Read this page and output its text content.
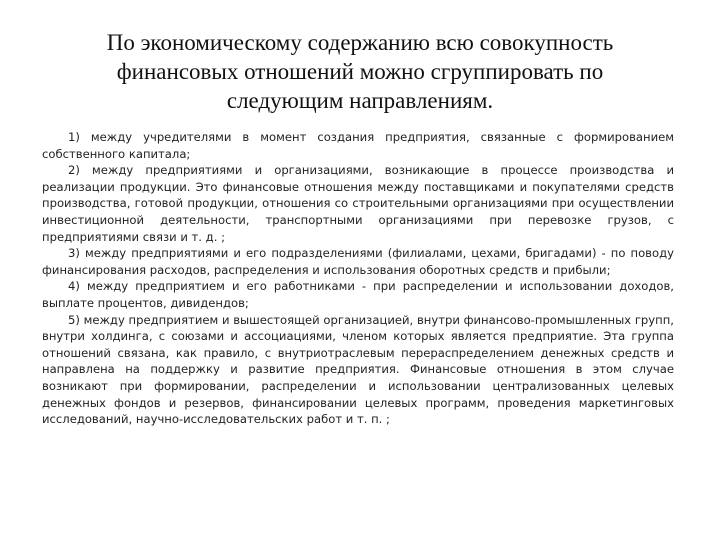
По экономическому содержанию всю совокупность финансовых отношений можно сгруппировать по следующим направлениям.

1) между учредителями в момент создания предприятия, связанные с формированием собственного капитала;

2) между предприятиями и организациями, возникающие в процессе производства и реализации продукции. Это финансовые отношения между поставщиками и покупателями средств производства, готовой продукции, отношения со строительными организациями при осуществлении инвестиционной деятельности, транспортными организациями при перевозке грузов, с предприятиями связи и т. д. ;

3) между предприятиями и его подразделениями (филиалами, цехами, бригадами) - по поводу финансирования расходов, распределения и использования оборотных средств и прибыли;

4) между предприятием и его работниками - при распределении и использовании доходов, выплате процентов, дивидендов;

5) между предприятием и вышестоящей организацией, внутри финансово-промышленных групп, внутри холдинга, с союзами и ассоциациями, членом которых является предприятие. Эта группа отношений связана, как правило, с внутриотраслевым перераспределением денежных средств и направлена на поддержку и развитие предприятия. Финансовые отношения в этом случае возникают при формировании, распределении и использовании централизованных целевых денежных фондов и резервов, финансировании целевых программ, проведения маркетинговых исследований, научно-исследовательских работ и т. п. ;
